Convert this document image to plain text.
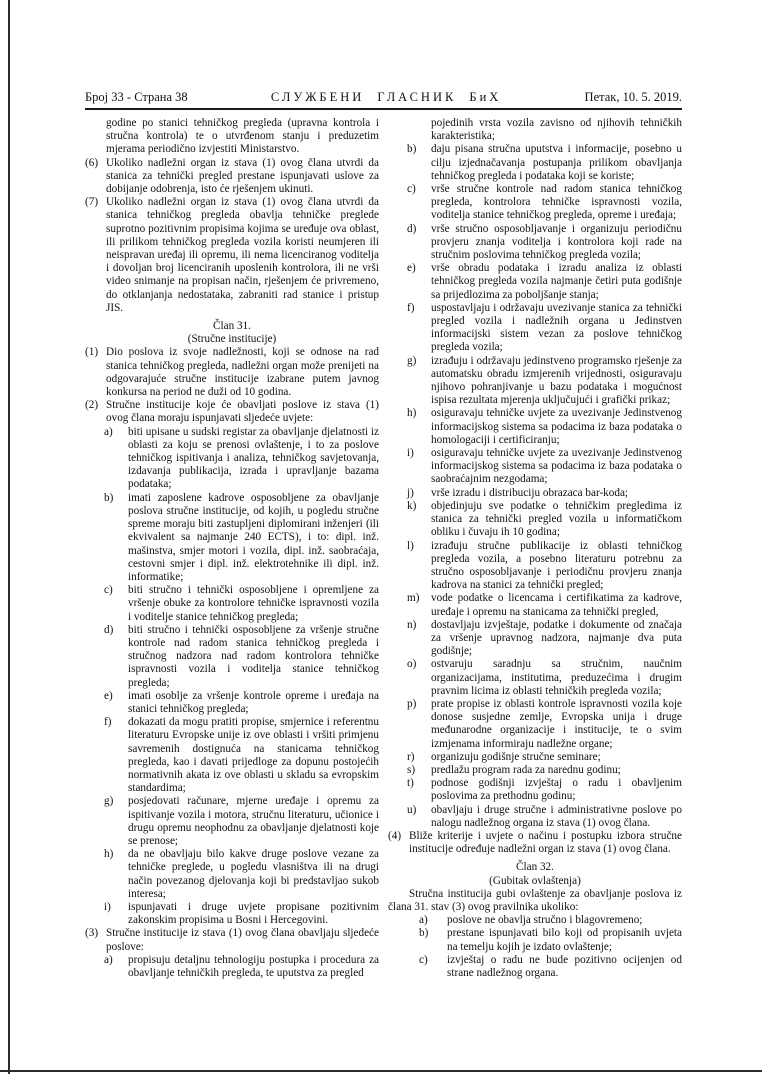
Број 33 - Страна 38	СЛУЖБЕНИ ГЛАСНИК БиХ	Петак, 10. 5. 2019.
godine po stanici tehničkog pregleda (upravna kontrola i stručna kontrola) te o utvrđenom stanju i preduzetim mjerama periodično izvjestiti Ministarstvo.
(6) Ukoliko nadležni organ iz stava (1) ovog člana utvrdi da stanica za tehnički pregled prestane ispunjavati uslove za dobijanje odobrenja, isto će rješenjem ukinuti.
(7) Ukoliko nadležni organ iz stava (1) ovog člana utvrdi da stanica tehničkog pregleda obavlja tehničke preglede suprotno pozitivnim propisima kojima se uređuje ova oblast, ili prilikom tehničkog pregleda vozila koristi neumjeren ili neispravan uređaj ili opremu, ili nema licenciranog voditelja i dovoljan broj licenciranih uposlenih kontrolora, ili ne vrši video snimanje na propisan način, rješenjem će privremeno, do otklanjanja nedostataka, zabraniti rad stanice i pristup JIS.
Član 31.
(Stručne institucije)
(1) Dio poslova iz svoje nadležnosti, koji se odnose na rad stanica tehničkog pregleda, nadležni organ može prenijeti na odgovarajuće stručne institucije izabrane putem javnog konkursa na period ne duži od 10 godina.
(2) Stručne institucije koje će obavljati poslove iz stava (1) ovog člana moraju ispunjavati sljedeće uvjete:
a)	biti upisane u sudski registar za obavljanje djelatnosti iz oblasti za koju se prenosi ovlaštenje, i to za poslove tehničkog ispitivanja i analiza, tehničkog savjetovanja, izdavanja publikacija, izrada i upravljanje bazama podataka;
b)	imati zaposlene kadrove osposobljene za obavljanje poslova stručne institucije, od kojih, u pogledu stručne spreme moraju biti zastupljeni diplomirani inženjeri (ili ekvivalent sa najmanje 240 ECTS), i to: dipl. inž. mašinstva, smjer motori i vozila, dipl. inž. saobraćaja, cestovni smjer i dipl. inž. elektrotehnike ili dipl. inž. informatike;
c)	biti stručno i tehnički osposobljene i opremljene za vršenje obuke za kontrolore tehničke ispravnosti vozila i voditelje stanice tehničkog pregleda;
d)	biti stručno i tehnički osposobljene za vršenje stručne kontrole nad radom stanica tehničkog pregleda i stručnog nadzora nad radom kontrolora tehničke ispravnosti vozila i voditelja stanice tehničkog pregleda;
e)	imati osoblje za vršenje kontrole opreme i uređaja na stanici tehničkog pregleda;
f)	dokazati da mogu pratiti propise, smjernice i referentnu literaturu Evropske unije iz ove oblasti i vršiti primjenu savremenih dostignuća na stanicama tehničkog pregleda, kao i davati prijedloge za dopunu postojećih normativnih akata iz ove oblasti u skladu sa evropskim standardima;
g)	posjedovati računare, mjerne uređaje i opremu za ispitivanje vozila i motora, stručnu literaturu, učionice i drugu opremu neophodnu za obavljanje djelatnosti koje se prenose;
h)	da ne obavljaju bilo kakve druge poslove vezane za tehničke preglede, u pogledu vlasništva ili na drugi način povezanog djelovanja koji bi predstavljao sukob interesa;
i)	ispunjavati i druge uvjete propisane pozitivnim zakonskim propisima u Bosni i Hercegovini.
(3) Stručne institucije iz stava (1) ovog člana obavljaju sljedeće poslove:
a)	propisuju detaljnu tehnologiju postupka i procedura za obavljanje tehničkih pregleda, te uputstva za pregled
pojedinih vrsta vozila zavisno od njihovih tehničkih karakteristika;
b)	daju pisana stručna uputstva i informacije, posebno u cilju izjednačavanja postupanja prilikom obavljanja tehničkog pregleda i podataka koji se koriste;
c)	vrše stručne kontrole nad radom stanica tehničkog pregleda, kontrolora tehničke ispravnosti vozila, voditelja stanice tehničkog pregleda, opreme i uređaja;
d)	vrše stručno osposobljavanje i organizuju periodičnu provjeru znanja voditelja i kontrolora koji rade na stručnim poslovima tehničkog pregleda vozila;
e)	vrše obradu podataka i izradu analiza iz oblasti tehničkog pregleda vozila najmanje četiri puta godišnje sa prijedlozima za poboljšanje stanja;
f)	uspostavljaju i održavaju uvezivanje stanica za tehnički pregled vozila i nadležnih organa u Jedinstven informacijski sistem vezan za poslove tehničkog pregleda vozila;
g)	izrađuju i održavaju jedinstveno programsko rješenje za automatsku obradu izmjerenih vrijednosti, osiguravaju njihovo pohranjivanje u bazu podataka i mogućnost ispisa rezultata mjerenja uključujući i grafički prikaz;
h)	osiguravaju tehničke uvjete za uvezivanje Jedinstvenog informacijskog sistema sa podacima iz baza podataka o homologaciji i certificiranju;
i)	osiguravaju tehničke uvjete za uvezivanje Jedinstvenog informacijskog sistema sa podacima iz baza podataka o saobraćajnim nezgodama;
j)	vrše izradu i distribuciju obrazaca bar-koda;
k)	objedinjuju sve podatke o tehničkim pregledima iz stanica za tehnički pregled vozila u informatičkom obliku i čuvaju ih 10 godina;
l)	izrađuju stručne publikacije iz oblasti tehničkog pregleda vozila, a posebno literaturu potrebnu za stručno osposobljavanje i periodičnu provjeru znanja kadrova na stanici za tehnički pregled;
m)	vode podatke o licencama i certifikatima za kadrove, uređaje i opremu na stanicama za tehnički pregled,
n)	dostavljaju izvještaje, podatke i dokumente od značaja za vršenje upravnog nadzora, najmanje dva puta godišnje;
o)	ostvaruju saradnju sa stručnim, naučnim organizacijama, institutima, preduzećima i drugim pravnim licima iz oblasti tehničkih pregleda vozila;
p)	prate propise iz oblasti kontrole ispravnosti vozila koje donose susjedne zemlje, Evropska unija i druge međunarodne organizacije i institucije, te o svim izmjenama informiraju nadležne organe;
r)	organizuju godišnje stručne seminare;
s)	predlažu program rada za narednu godinu;
t)	podnose godišnji izvještaj o radu i obavljenim poslovima za prethodnu godinu;
u)	obavljaju i druge stručne i administrativne poslove po nalogu nadležnog organa iz stava (1) ovog člana.
(4) Bliže kriterije i uvjete o načinu i postupku izbora stručne institucije određuje nadležni organ iz stava (1) ovog člana.
Član 32.
(Gubitak ovlaštenja)
Stručna institucija gubi ovlaštenje za obavljanje poslova iz člana 31. stav (3) ovog pravilnika ukoliko:
a)	poslove ne obavlja stručno i blagovremeno;
b)	prestane ispunjavati bilo koji od propisanih uvjeta na temelju kojih je izdato ovlaštenje;
c)	izvještaj o radu ne bude pozitivno ocijenjen od strane nadležnog organa.
